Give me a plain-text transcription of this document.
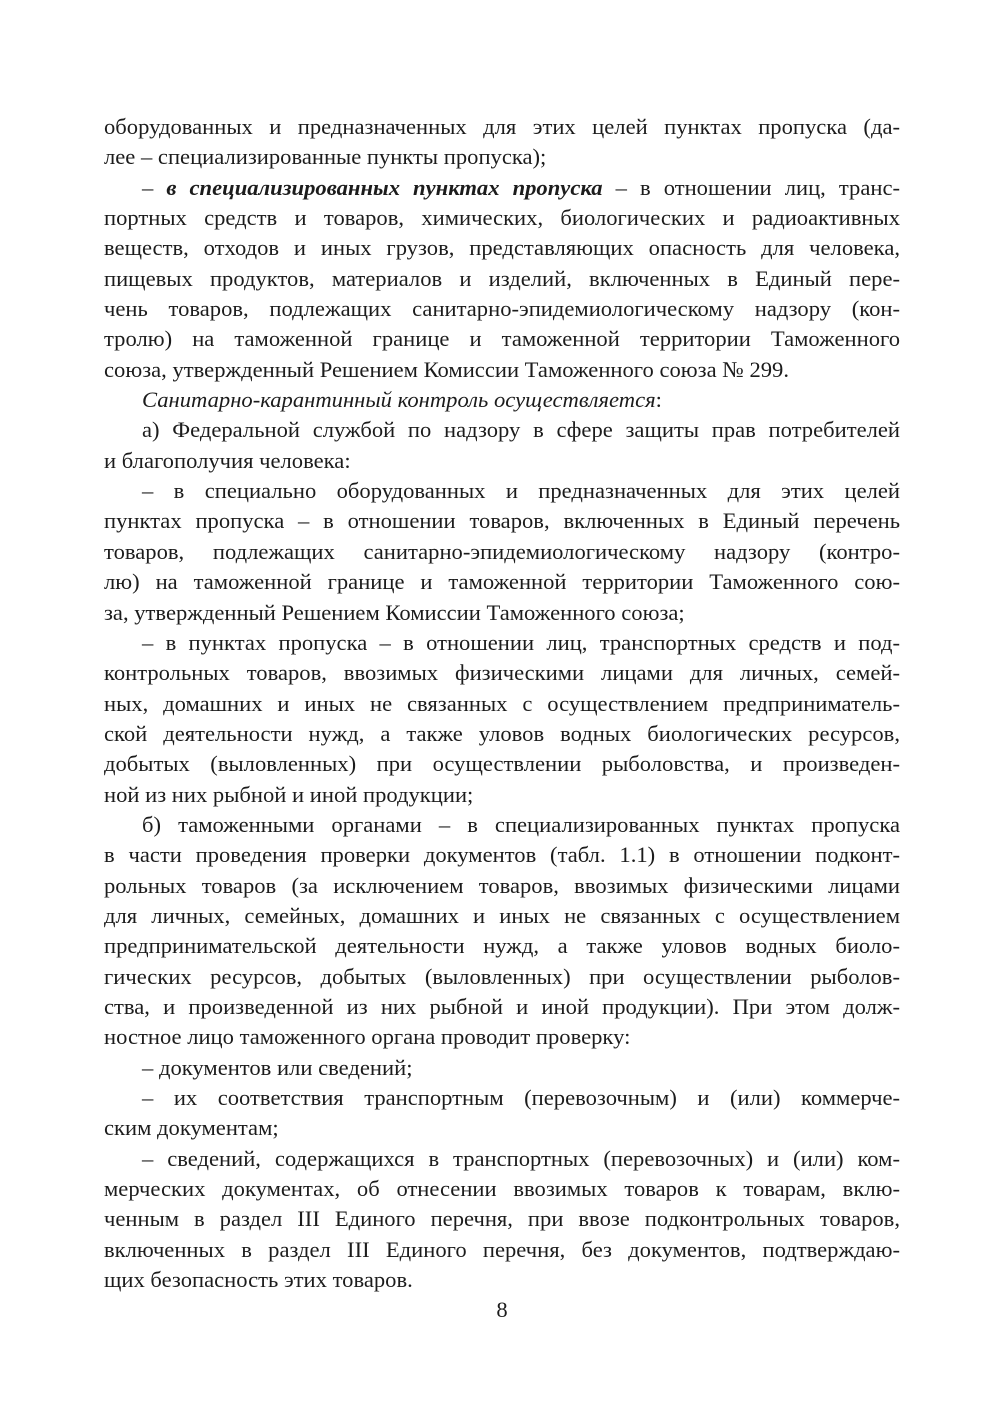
оборудованных и предназначенных для этих целей пунктах пропуска (да-
лее – специализированные пункты пропуска);
– в специализированных пунктах пропуска – в отношении лиц, транс-
портных средств и товаров, химических, биологических и радиоактивных
веществ, отходов и иных грузов, представляющих опасность для человека,
пищевых продуктов, материалов и изделий, включенных в Единый пере-
чень товаров, подлежащих санитарно-эпидемиологическому надзору (кон-
тролю) на таможенной границе и таможенной территории Таможенного
союза, утвержденный Решением Комиссии Таможенного союза № 299.
Санитарно-карантинный контроль осуществляется:
а) Федеральной службой по надзору в сфере защиты прав потребителей
и благополучия человека:
– в специально оборудованных и предназначенных для этих целей
пунктах пропуска – в отношении товаров, включенных в Единый перечень
товаров, подлежащих санитарно-эпидемиологическому надзору (контро-
лю) на таможенной границе и таможенной территории Таможенного сою-
за, утвержденный Решением Комиссии Таможенного союза;
– в пунктах пропуска – в отношении лиц, транспортных средств и под-
контрольных товаров, ввозимых физическими лицами для личных, семей-
ных, домашних и иных не связанных с осуществлением предприниматель-
ской деятельности нужд, а также уловов водных биологических ресурсов,
добытых (выловленных) при осуществлении рыболовства, и произведен-
ной из них рыбной и иной продукции;
б) таможенными органами – в специализированных пунктах пропуска
в части проведения проверки документов (табл. 1.1) в отношении подконт-
рольных товаров (за исключением товаров, ввозимых физическими лицами
для личных, семейных, домашних и иных не связанных с осуществлением
предпринимательской деятельности нужд, а также уловов водных биоло-
гических ресурсов, добытых (выловленных) при осуществлении рыболов-
ства, и произведенной из них рыбной и иной продукции). При этом долж-
ностное лицо таможенного органа проводит проверку:
– документов или сведений;
– их соответствия транспортным (перевозочным) и (или) коммерче-
ским документам;
– сведений, содержащихся в транспортных (перевозочных) и (или) ком-
мерческих документах, об отнесении ввозимых товаров к товарам, вклю-
ченным в раздел III Единого перечня, при ввозе подконтрольных товаров,
включенных в раздел III Единого перечня, без документов, подтверждаю-
щих безопасность этих товаров.
8
